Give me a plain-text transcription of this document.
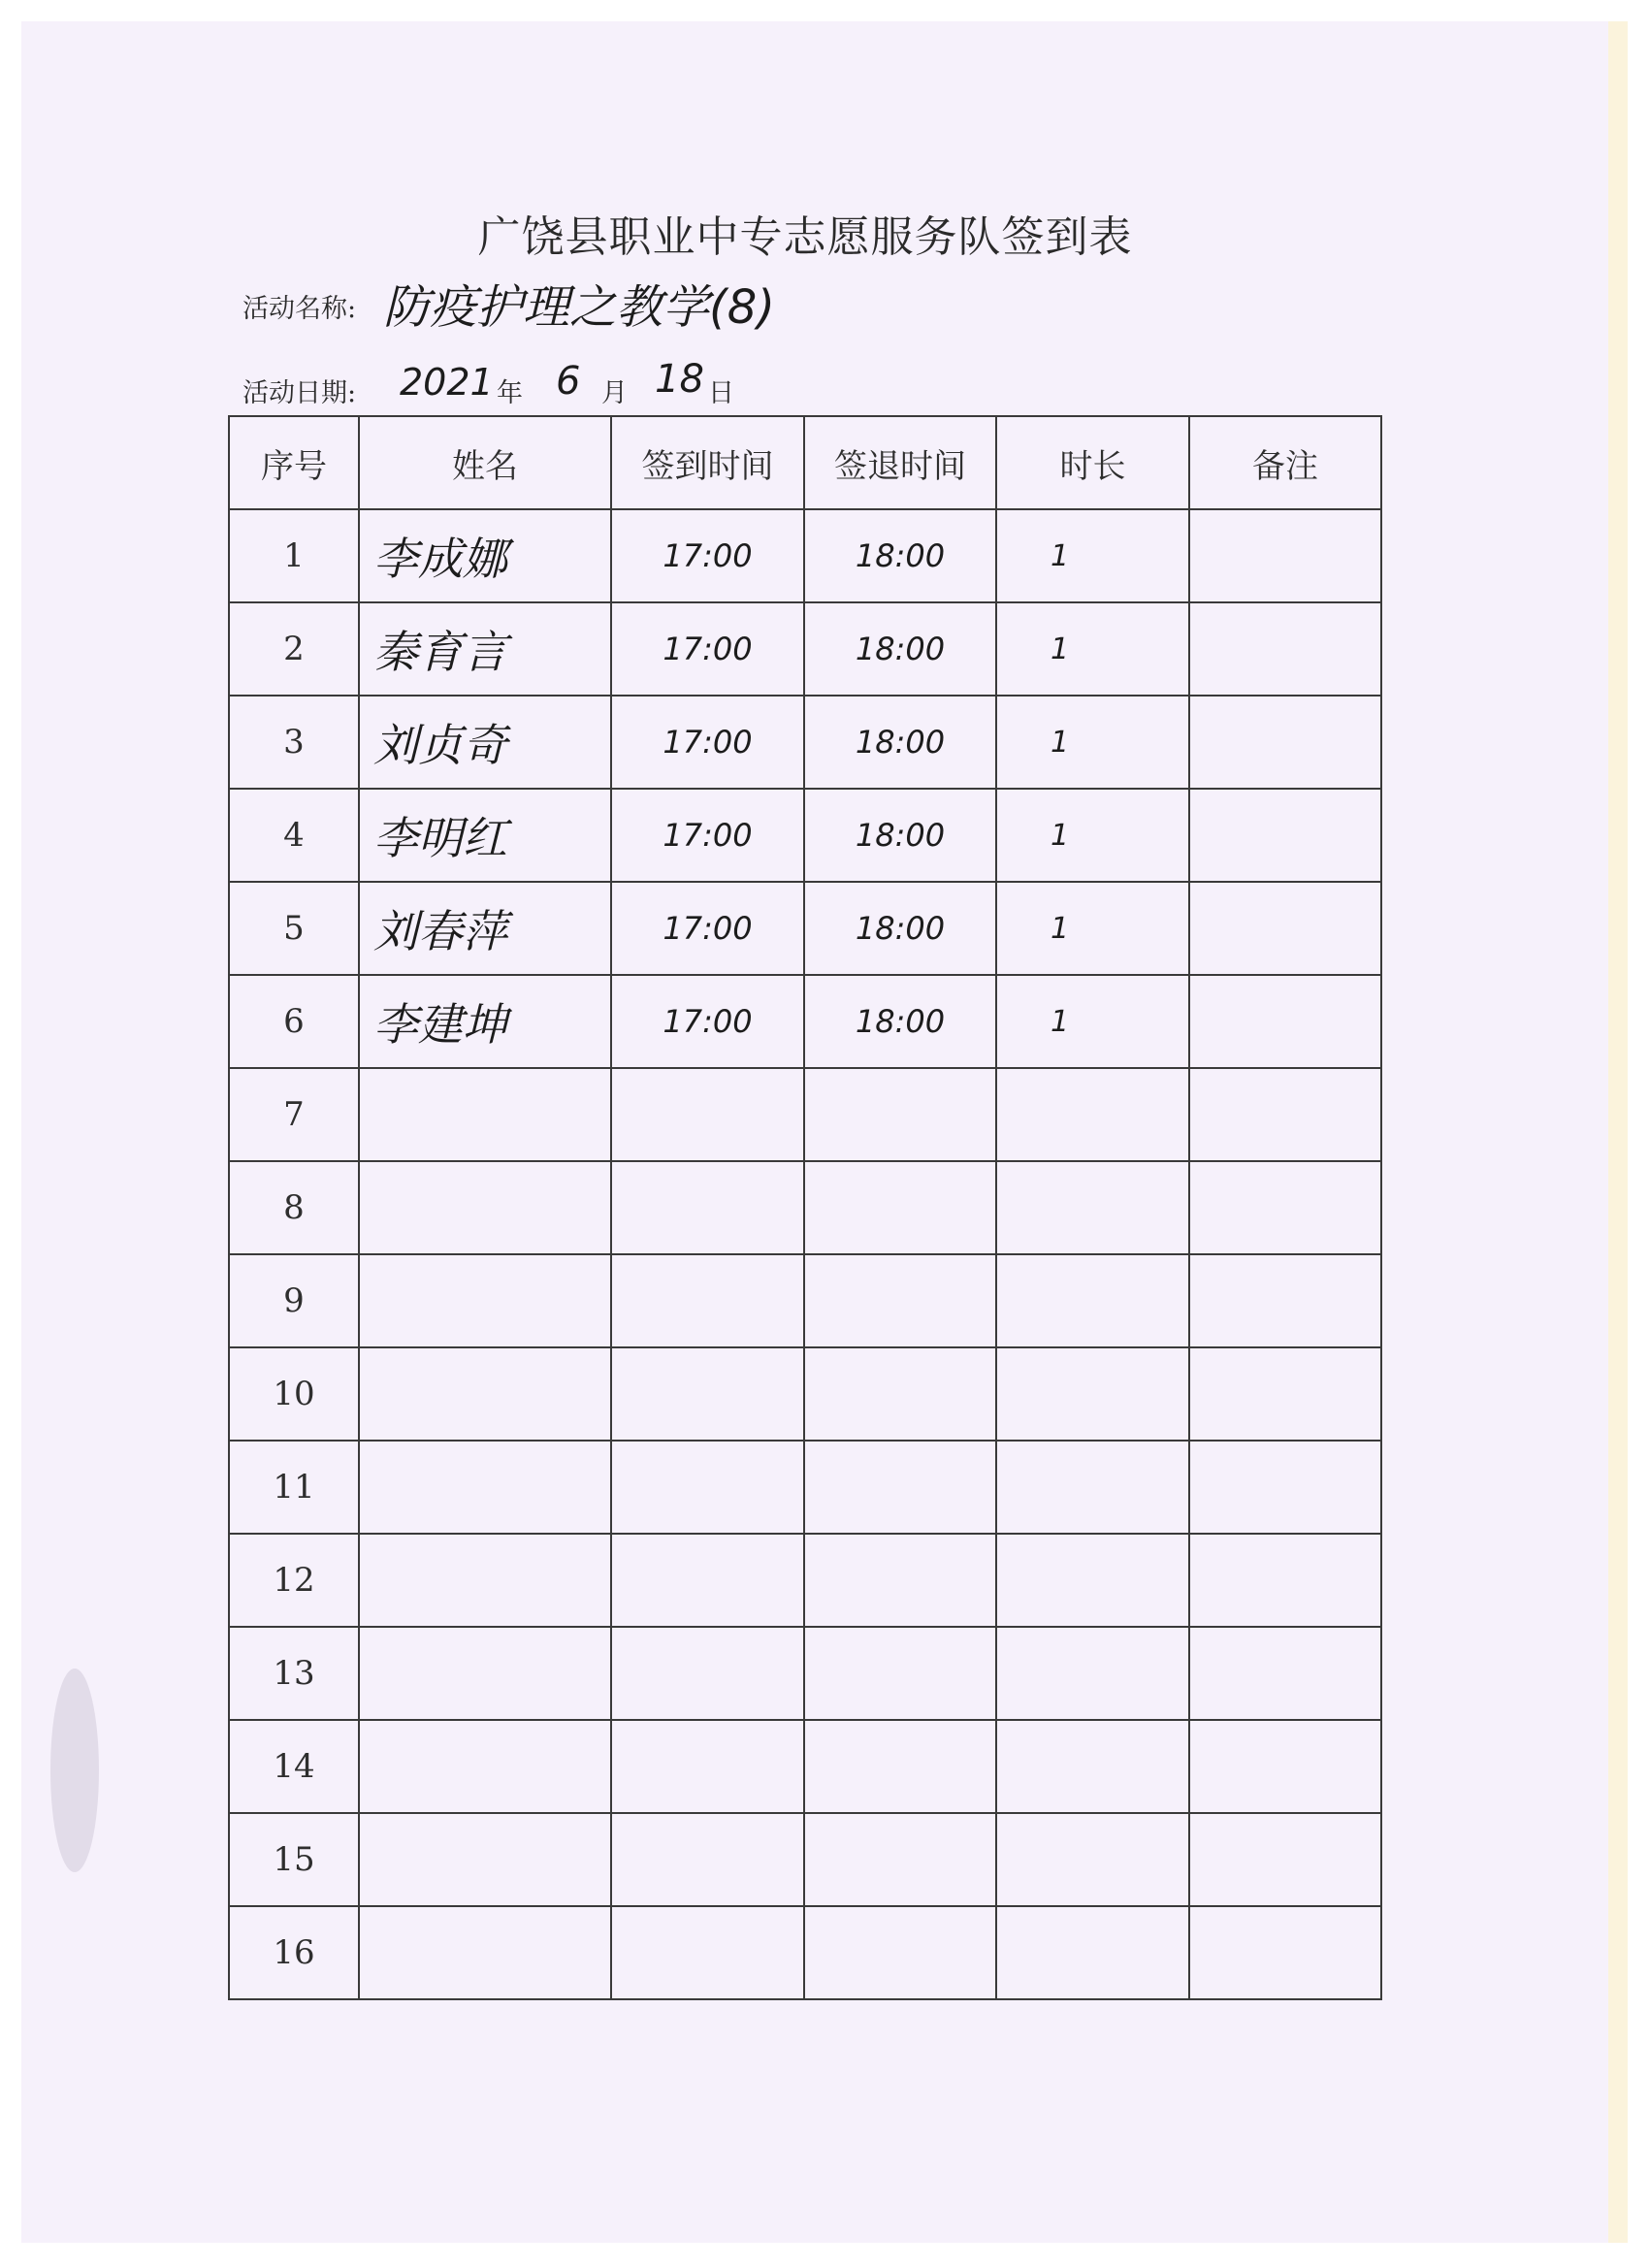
广饶县职业中专志愿服务队签到表
活动名称: 防疫护理之教学(8)
活动日期: 2021 年 6 月 18 日
序号	姓名	签到时间	签退时间	时长	备注
1	李成娜	17:00	18:00	1	
2	秦育言	17:00	18:00	1	
3	刘贞奇	17:00	18:00	1	
4	李明红	17:00	18:00	1	
5	刘春萍	17:00	18:00	1	
6	李建坤	17:00	18:00	1	
7					
8					
9					
10					
11					
12					
13					
14					
15					
16					
